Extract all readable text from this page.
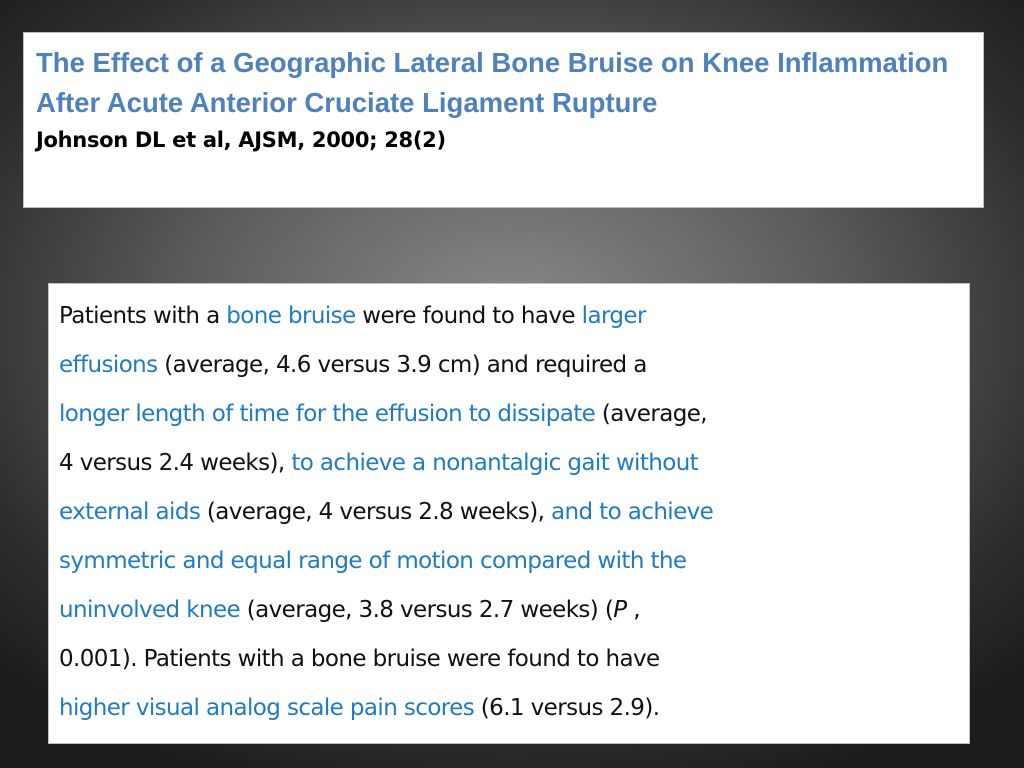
The Effect of a Geographic Lateral Bone Bruise on Knee Inflammation After Acute Anterior Cruciate Ligament Rupture

Johnson DL et al, AJSM, 2000; 28(2)

Patients with a bone bruise were found to have larger
effusions (average, 4.6 versus 3.9 cm) and required a
longer length of time for the effusion to dissipate (average,
4 versus 2.4 weeks), to achieve a nonantalgic gait without
external aids (average, 4 versus 2.8 weeks), and to achieve
symmetric and equal range of motion compared with the
uninvolved knee (average, 3.8 versus 2.7 weeks) (P ,
0.001). Patients with a bone bruise were found to have
higher visual analog scale pain scores (6.1 versus 2.9).
